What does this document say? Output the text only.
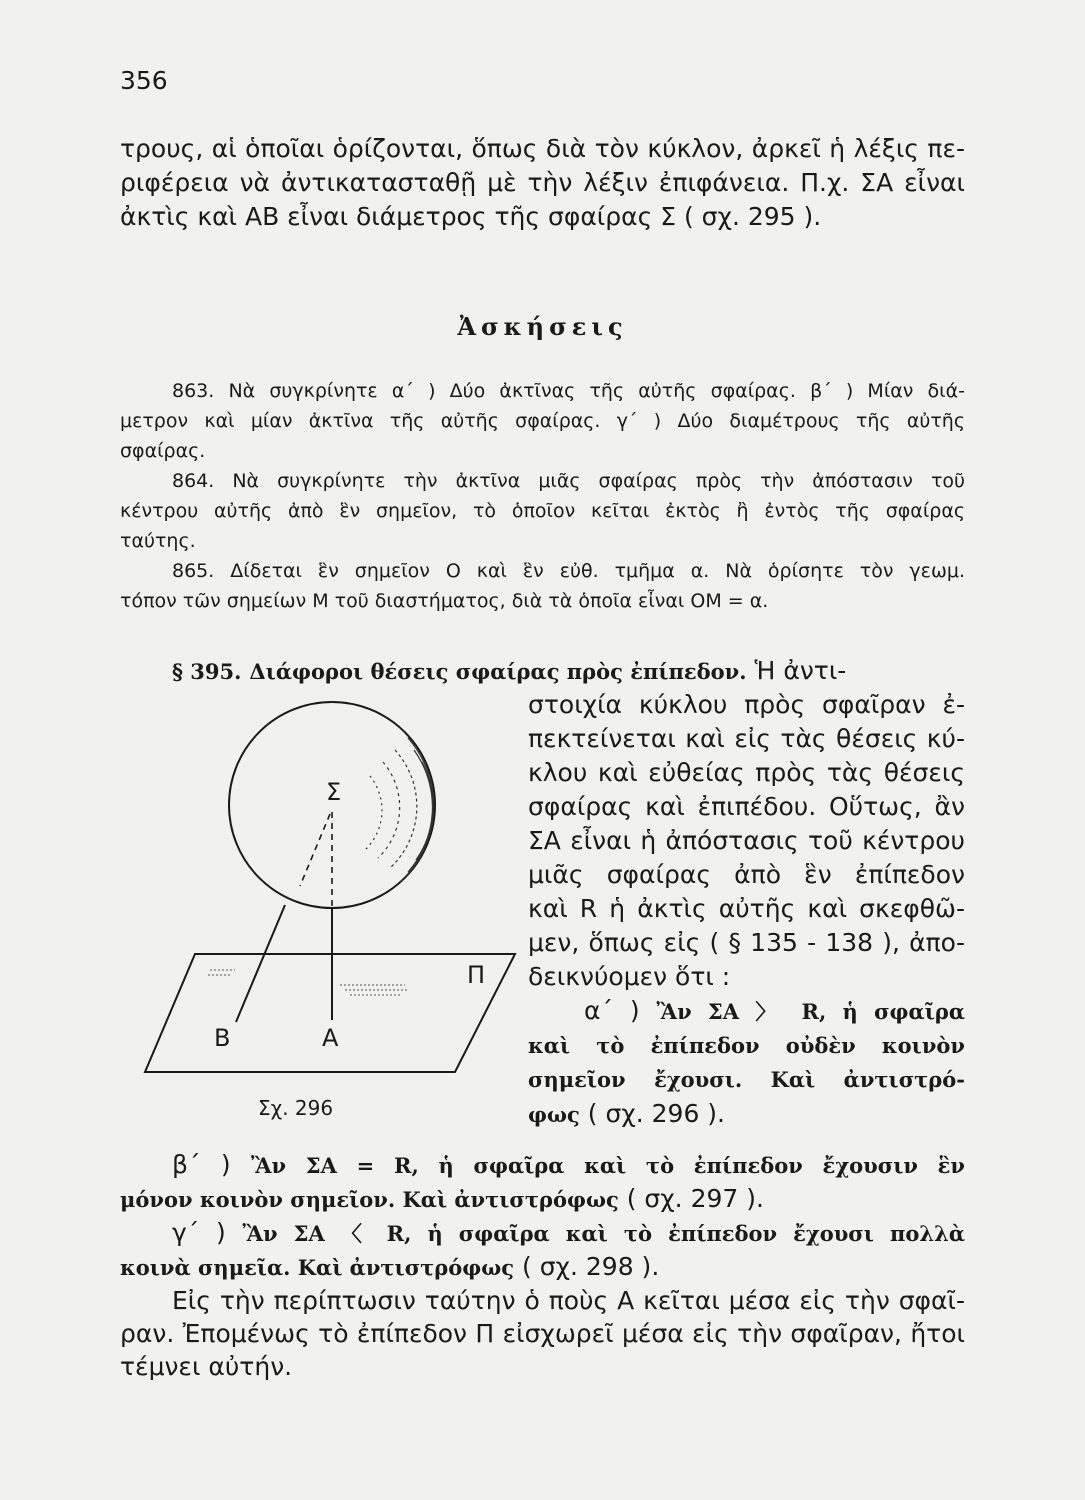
356
τρους, αἱ ὁποῖαι ὁρίζονται, ὅπως διὰ τὸν κύκλον, ἀρκεῖ ἡ λέξις πε-
ριφέρεια νὰ ἀντικατασταθῇ μὲ τὴν λέξιν ἐπιφάνεια. Π.χ. ΣΑ εἶναι
ἀκτὶς καὶ ΑΒ εἶναι διάμετρος τῆς σφαίρας Σ ( σχ. 295 ).
Ἀσκήσεις
863. Νὰ συγκρίνητε α΄ ) Δύο ἀκτῖνας τῆς αὐτῆς σφαίρας. β΄ ) Μίαν διά-
μετρον καὶ μίαν ἀκτῖνα τῆς αὐτῆς σφαίρας. γ΄ ) Δύο διαμέτρους τῆς αὐτῆς
σφαίρας.
864. Νὰ συγκρίνητε τὴν ἀκτῖνα μιᾶς σφαίρας πρὸς τὴν ἀπόστασιν τοῦ
κέντρου αὐτῆς ἀπὸ ἓν σημεῖον, τὸ ὁποῖον κεῖται ἐκτὸς ἢ ἐντὸς τῆς σφαίρας
ταύτης.
865. Δίδεται ἓν σημεῖον Ο καὶ ἓν εὐθ. τμῆμα α. Νὰ ὁρίσητε τὸν γεωμ.
τόπον τῶν σημείων Μ τοῦ διαστήματος, διὰ τὰ ὁποῖα εἶναι ΟΜ = α.
§ 395. Διάφοροι θέσεις σφαίρας πρὸς ἐπίπεδον. Ἡ ἀντι-
στοιχία κύκλου πρὸς σφαῖραν ἐ-
πεκτείνεται καὶ εἰς τὰς θέσεις κύ-
κλου καὶ εὐθείας πρὸς τὰς θέσεις
σφαίρας καὶ ἐπιπέδου. Οὕτως, ἂν
ΣΑ εἶναι ἡ ἀπόστασις τοῦ κέντρου
μιᾶς σφαίρας ἀπὸ ἓν ἐπίπεδον
καὶ R ἡ ἀκτὶς αὐτῆς καὶ σκεφθῶ-
μεν, ὅπως εἰς ( § 135 - 138 ), ἀπο-
δεικνύομεν ὅτι :
α΄ ) Ἂν ΣΑ 〉 R, ἡ σφαῖρα
καὶ τὸ ἐπίπεδον οὐδὲν κοινὸν
σημεῖον ἔχουσι. Καὶ ἀντιστρό-
φως ( σχ. 296 ).
β΄ ) Ἂν ΣΑ = R, ἡ σφαῖρα καὶ τὸ ἐπίπεδον ἔχουσιν ἓν
μόνον κοινὸν σημεῖον. Καὶ ἀντιστρόφως ( σχ. 297 ).
γ΄ ) Ἂν ΣΑ 〈 R, ἡ σφαῖρα καὶ τὸ ἐπίπεδον ἔχουσι πολλὰ
κοινὰ σημεῖα. Καὶ ἀντιστρόφως ( σχ. 298 ).
Εἰς τὴν περίπτωσιν ταύτην ὁ ποὺς Α κεῖται μέσα εἰς τὴν σφαῖ-
ραν. Ἐπομένως τὸ ἐπίπεδον Π εἰσχωρεῖ μέσα εἰς τὴν σφαῖραν, ἤτοι
τέμνει αὐτήν.
Σ
Π
Β	Α
Σχ. 296
